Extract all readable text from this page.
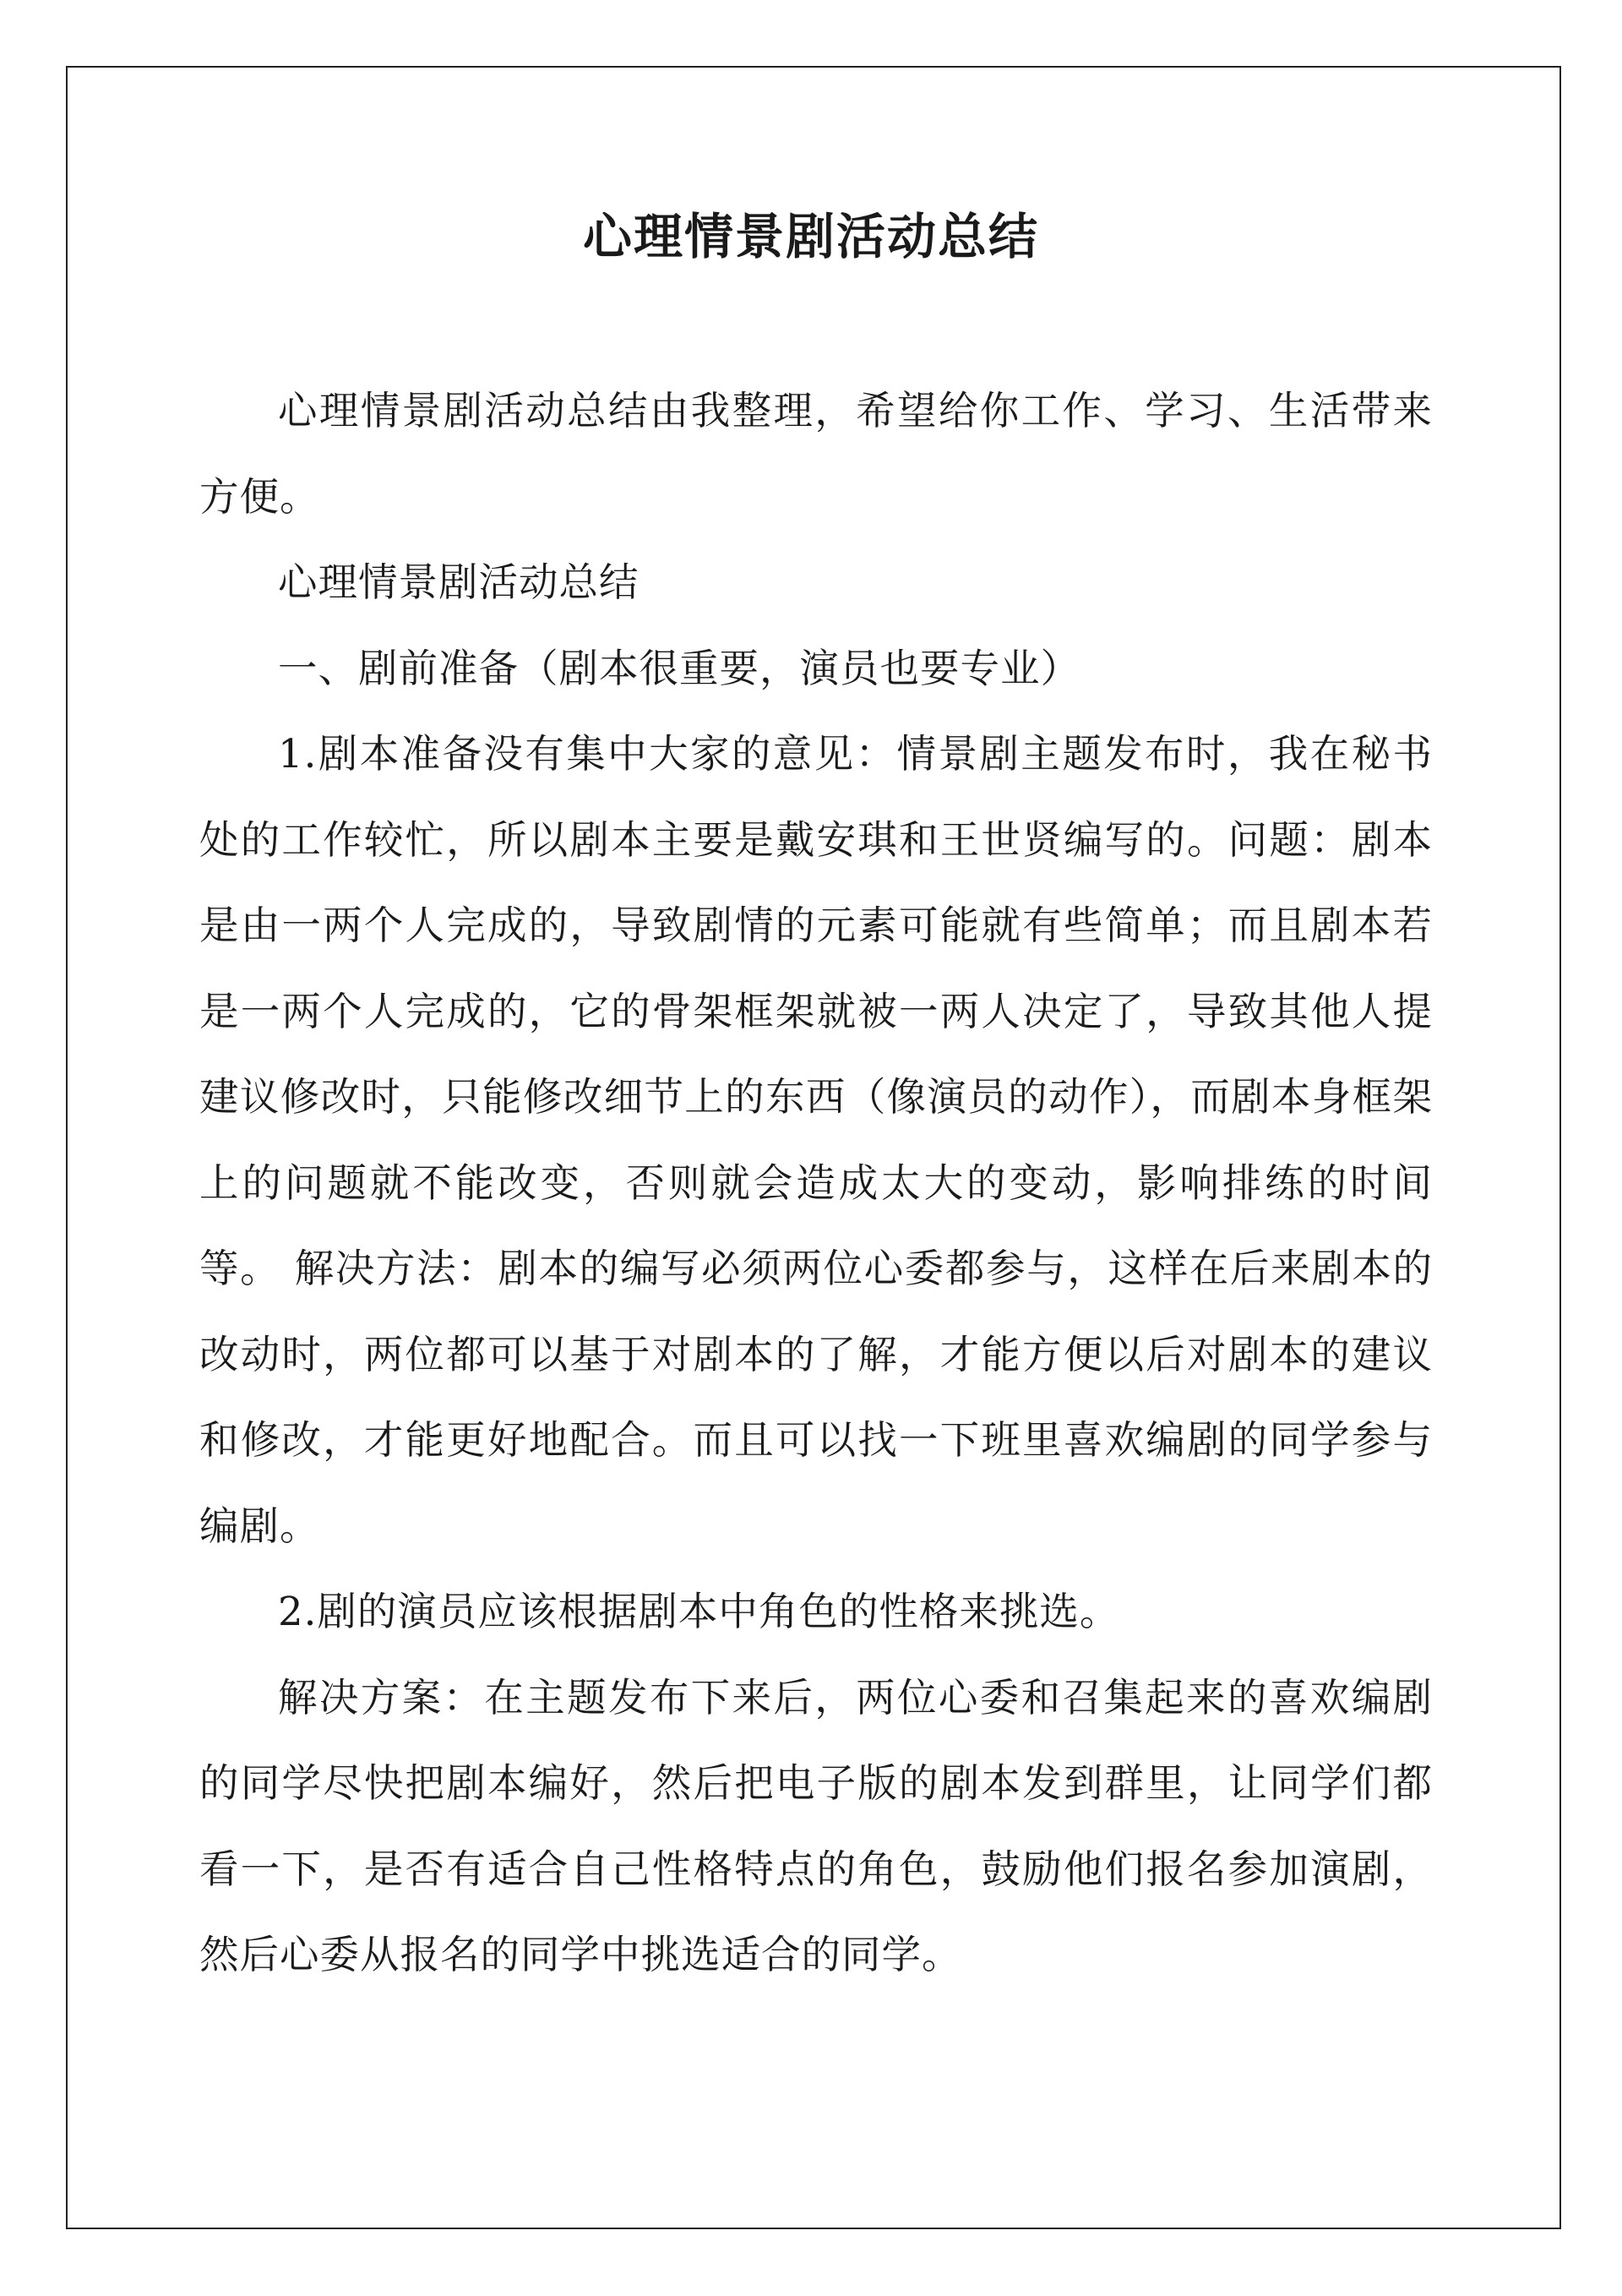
心理情景剧活动总结

心理情景剧活动总结由我整理，希望给你工作、学习、生活带来方便。

心理情景剧活动总结

一、剧前准备（剧本很重要，演员也要专业）

1.剧本准备没有集中大家的意见：情景剧主题发布时，我在秘书处的工作较忙，所以剧本主要是戴安琪和王世贤编写的。问题：剧本是由一两个人完成的，导致剧情的元素可能就有些简单；而且剧本若是一两个人完成的，它的骨架框架就被一两人决定了，导致其他人提建议修改时，只能修改细节上的东西（像演员的动作），而剧本身框架上的问题就不能改变，否则就会造成太大的变动，影响排练的时间等。 解决方法：剧本的编写必须两位心委都参与，这样在后来剧本的改动时，两位都可以基于对剧本的了解，才能方便以后对剧本的建议和修改，才能更好地配合。而且可以找一下班里喜欢编剧的同学参与编剧。

2.剧的演员应该根据剧本中角色的性格来挑选。

解决方案：在主题发布下来后，两位心委和召集起来的喜欢编剧的同学尽快把剧本编好，然后把电子版的剧本发到群里，让同学们都看一下，是否有适合自己性格特点的角色，鼓励他们报名参加演剧，然后心委从报名的同学中挑选适合的同学。
